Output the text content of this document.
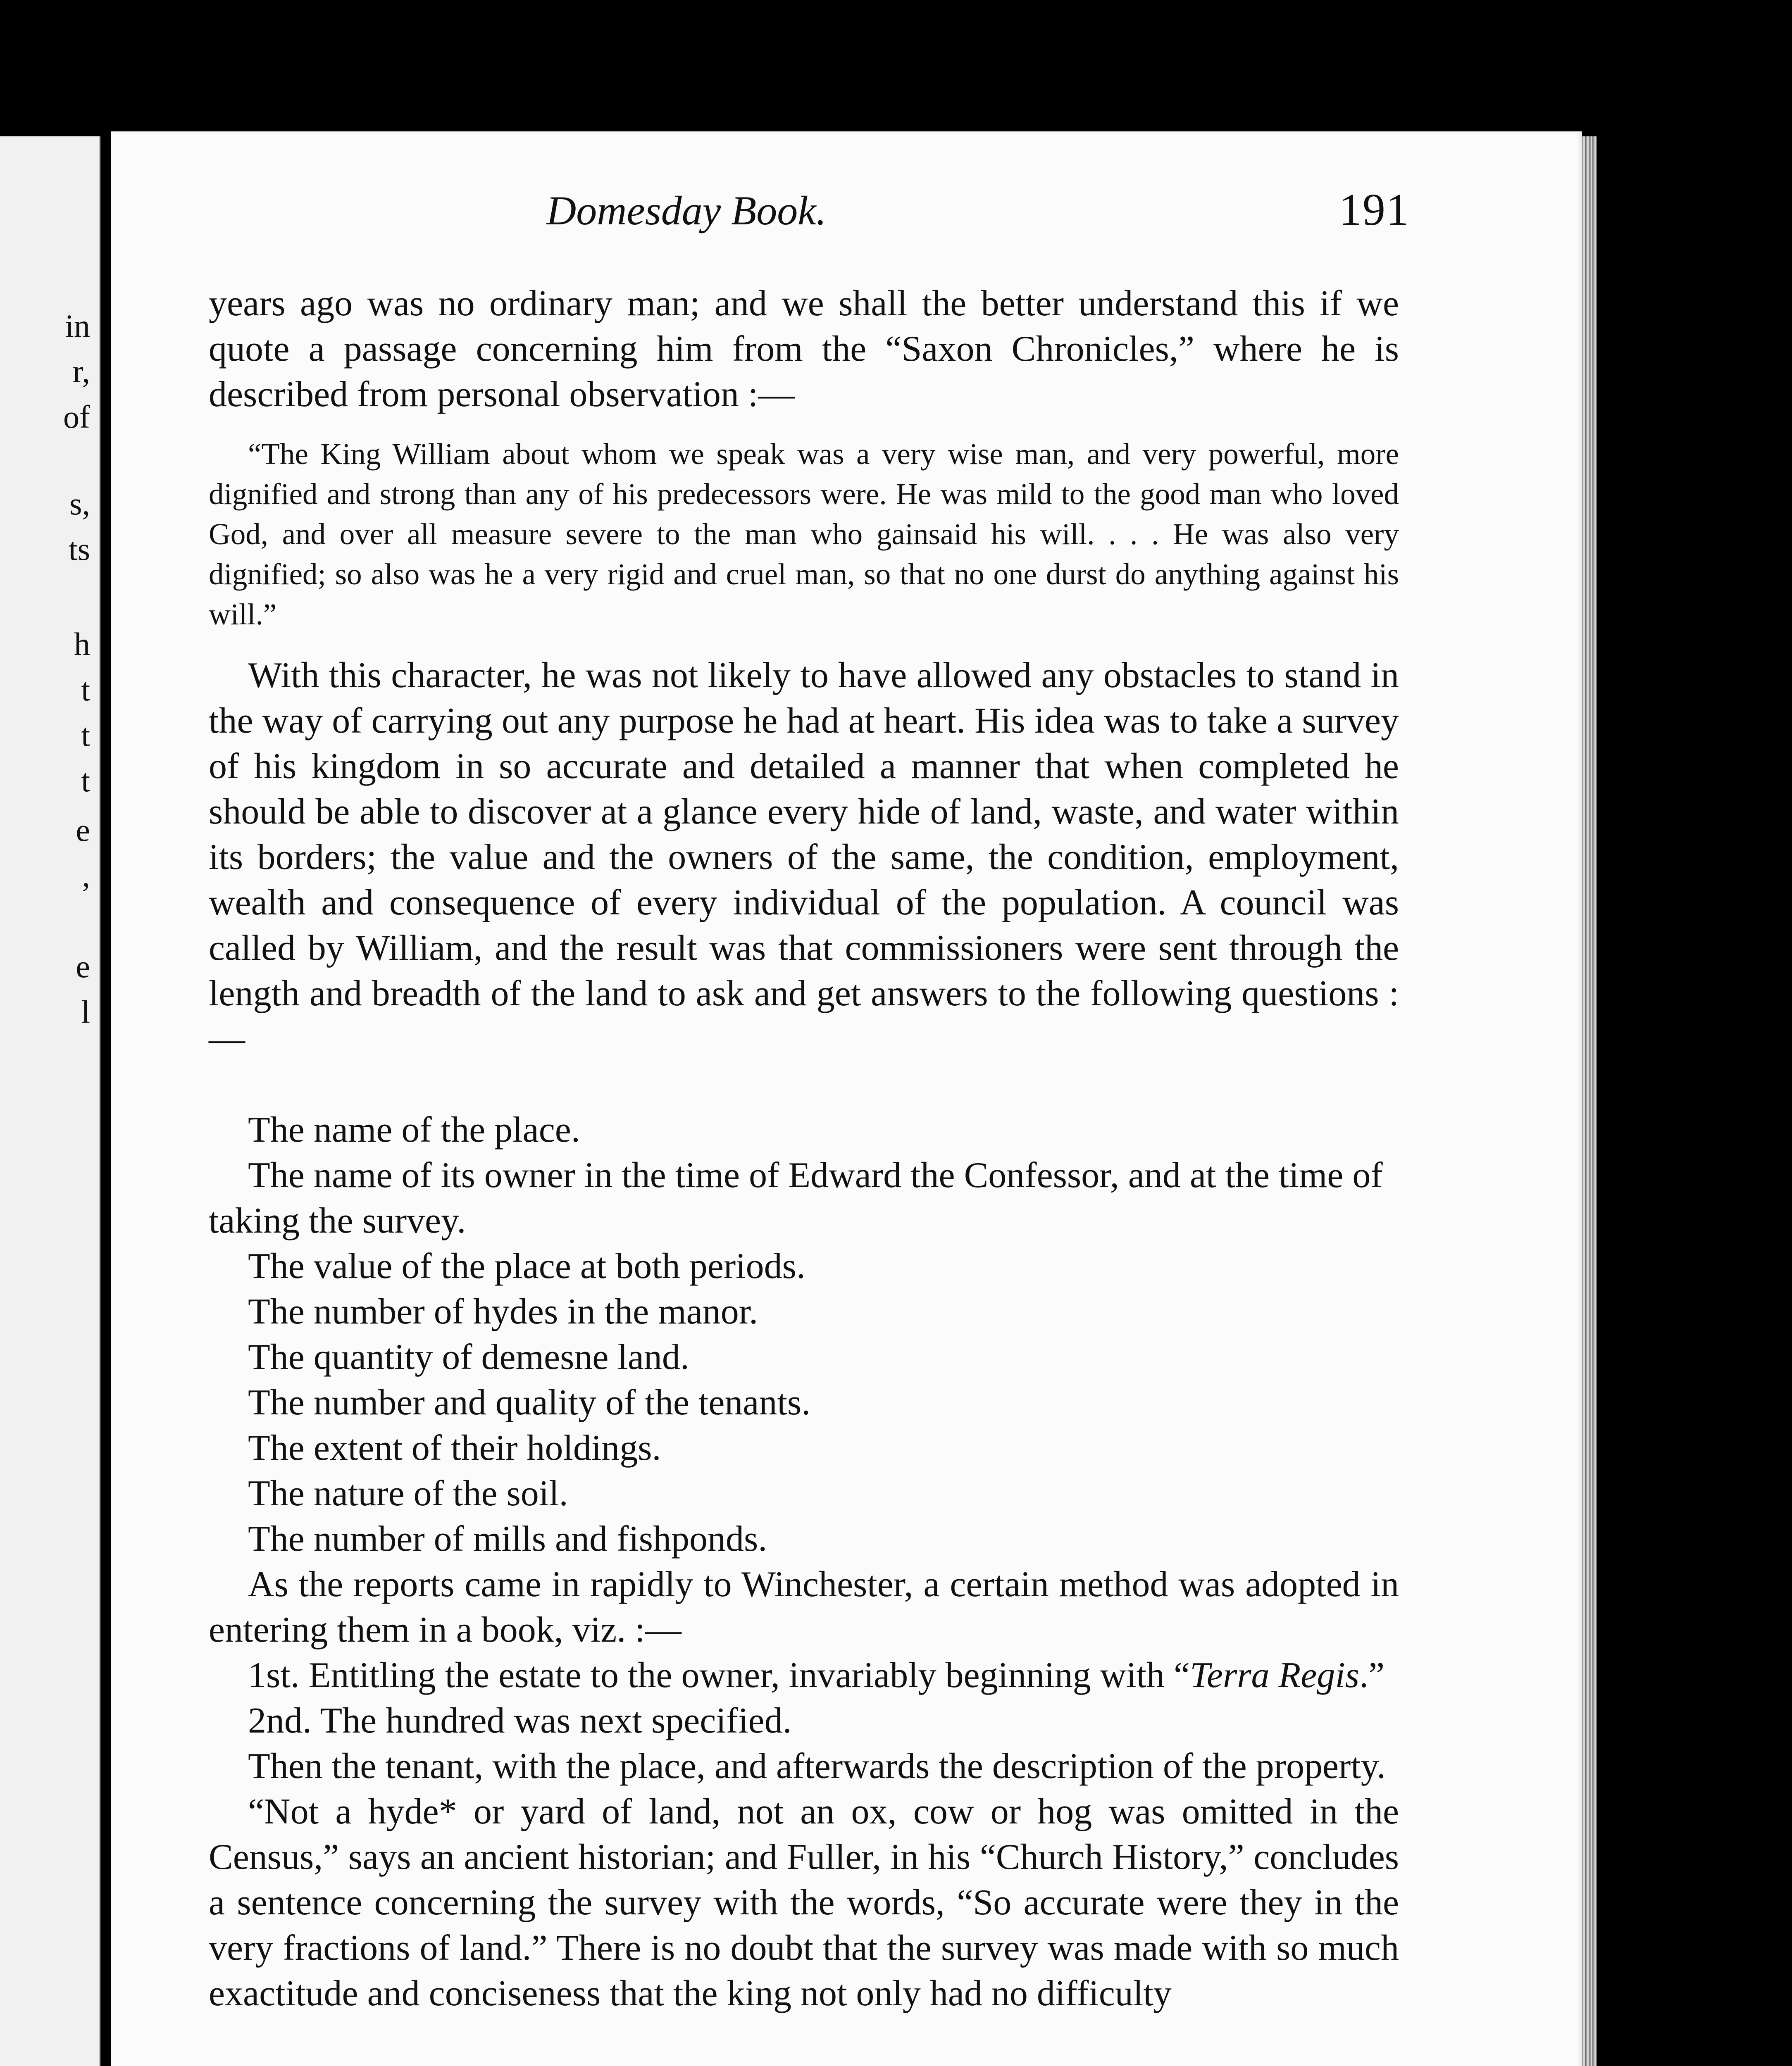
in
r,
of
s,
ts
h
t
t
t
e
,
e
l
Domesday Book.	191

years ago was no ordinary man; and we shall the better understand this if we quote a passage concerning him from the “Saxon Chronicles,” where he is described from personal observation :—

“The King William about whom we speak was a very wise man, and very powerful, more dignified and strong than any of his predecessors were. He was mild to the good man who loved God, and over all measure severe to the man who gainsaid his will. . . . He was also very dignified; so also was he a very rigid and cruel man, so that no one durst do anything against his will.”

With this character, he was not likely to have allowed any obstacles to stand in the way of carrying out any purpose he had at heart. His idea was to take a survey of his kingdom in so accurate and detailed a manner that when completed he should be able to discover at a glance every hide of land, waste, and water within its borders; the value and the owners of the same, the condition, employment, wealth and consequence of every individual of the population. A council was called by William, and the result was that commissioners were sent through the length and breadth of the land to ask and get answers to the following questions :—

The name of the place.

The name of its owner in the time of Edward the Confessor, and at the time of taking the survey.

The value of the place at both periods.

The number of hydes in the manor.

The quantity of demesne land.

The number and quality of the tenants.

The extent of their holdings.

The nature of the soil.

The number of mills and fishponds.

As the reports came in rapidly to Winchester, a certain method was adopted in entering them in a book, viz. :—

1st. Entitling the estate to the owner, invariably beginning with “Terra Regis.”

2nd. The hundred was next specified.

Then the tenant, with the place, and afterwards the description of the property.

“Not a hyde* or yard of land, not an ox, cow or hog was omitted in the Census,” says an ancient historian; and Fuller, in his “Church History,” concludes a sentence concerning the survey with the words, “So accurate were they in the very fractions of land.” There is no doubt that the survey was made with so much exactitude and conciseness that the king not only had no difficulty
